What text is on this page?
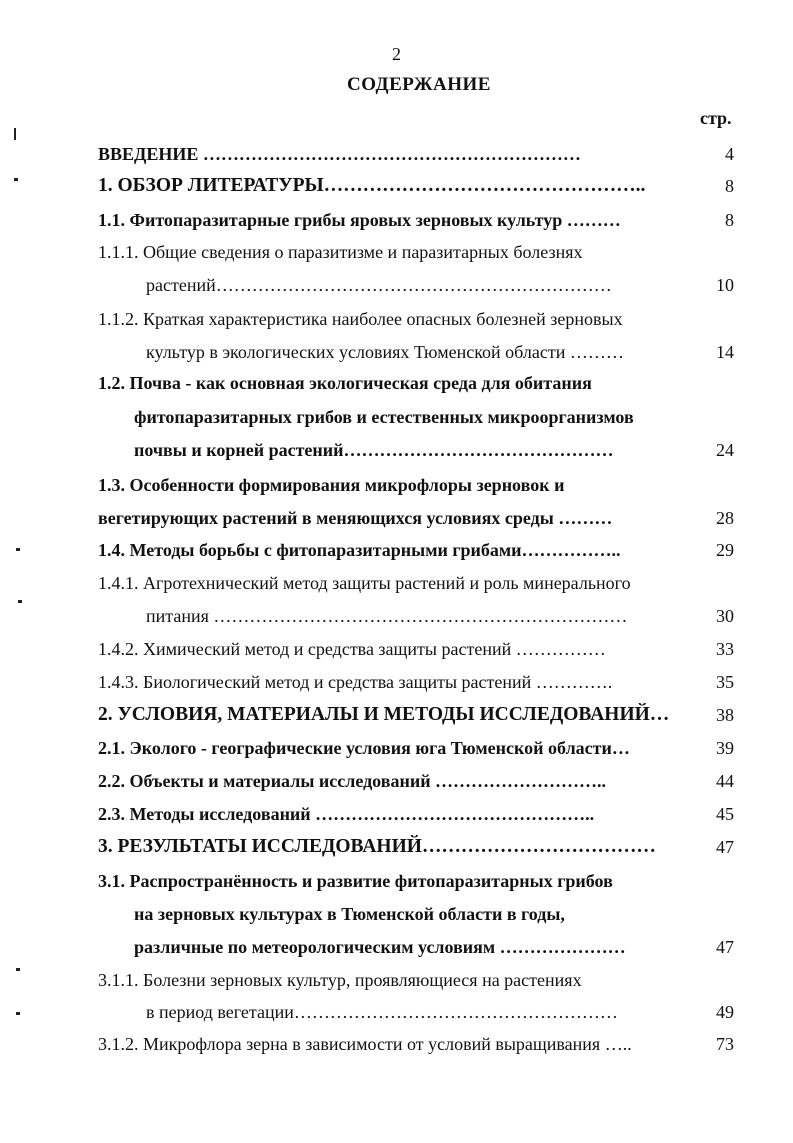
2
СОДЕРЖАНИЕ
стр.
ВВЕДЕНИЕ ………………………………………………………	4
1. ОБЗОР ЛИТЕРАТУРЫ…………………………………………..	8
1.1. Фитопаразитарные грибы яровых зерновых культур ………	8
1.1.1. Общие сведения о паразитизме и паразитарных болезнях
растений…………………………………………………………	10
1.1.2. Краткая характеристика наиболее опасных болезней зерновых
культур в экологических условиях Тюменской области ………	14
1.2. Почва - как основная экологическая среда для обитания
фитопаразитарных грибов и естественных микроорганизмов
почвы и корней растений………………………………………	24
1.3. Особенности формирования микрофлоры зерновок и
вегетирующих растений в меняющихся условиях среды ………	28
1.4. Методы борьбы с фитопаразитарными грибами……………..	29
1.4.1. Агротехнический метод защиты растений и роль минерального
питания ……………………………………………………………	30
1.4.2. Химический метод и средства защиты растений ……………	33
1.4.3. Биологический метод и средства защиты растений ………….	35
2. УСЛОВИЯ, МАТЕРИАЛЫ И МЕТОДЫ ИССЛЕДОВАНИЙ…	38
2.1. Эколого - географические условия юга Тюменской области…	39
2.2. Объекты и материалы исследований ………………………..	44
2.3. Методы исследований ………………………………………..	45
3. РЕЗУЛЬТАТЫ ИССЛЕДОВАНИЙ………………………………	47
3.1. Распространённость и развитие фитопаразитарных грибов
на зерновых культурах в Тюменской области в годы,
различные по метеорологическим условиям …………………	47
3.1.1. Болезни зерновых культур, проявляющиеся на растениях
в период вегетации………………………………………………	49
3.1.2. Микрофлора зерна в зависимости от условий выращивания …..	73
